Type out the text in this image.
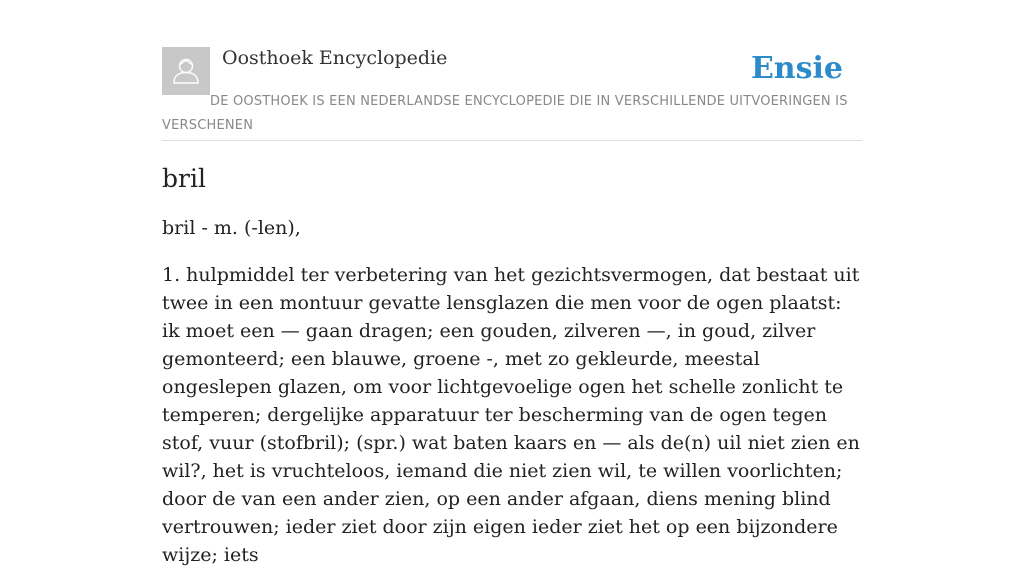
Oosthoek Encyclopedie	Ensie
DE OOSTHOEK IS EEN NEDERLANDSE ENCYCLOPEDIE DIE IN VERSCHILLENDE UITVOERINGEN IS VERSCHENEN
bril

bril - m. (-len),

1. hulpmiddel ter verbetering van het gezichtsvermogen, dat bestaat uit twee in een montuur gevatte lensglazen die men voor de ogen plaatst: ik moet een — gaan dragen; een gouden, zilveren —, in goud, zilver gemonteerd; een blauwe, groene -, met zo gekleurde, meestal ongeslepen glazen, om voor lichtgevoelige ogen het schelle zonlicht te temperen; dergelijke apparatuur ter bescherming van de ogen tegen stof, vuur (stofbril); (spr.) wat baten kaars en — als de(n) uil niet zien en wil?, het is vruchteloos, iemand die niet zien wil, te willen voorlichten; door de van een ander zien, op een ander afgaan, diens mening blind vertrouwen; ieder ziet door zijn eigen ieder ziet het op een bijzondere wijze; iets
